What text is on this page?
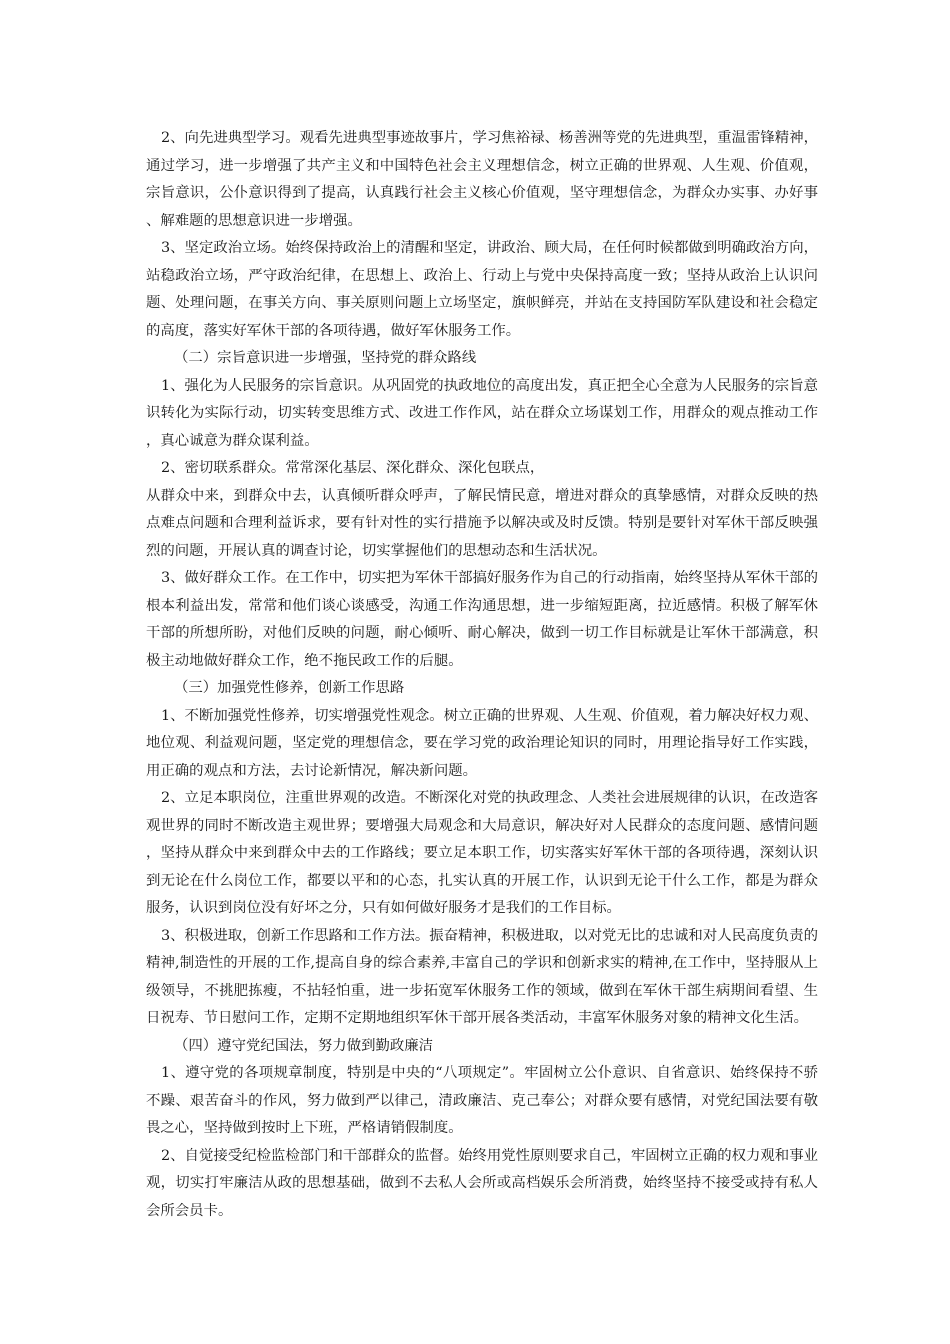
2、向先进典型学习。观看先进典型事迹故事片，学习焦裕禄、杨善洲等党的先进典型，重温雷锋精神，通过学习，进一步增强了共产主义和中国特色社会主义理想信念，树立正确的世界观、人生观、价值观，宗旨意识，公仆意识得到了提高，认真践行社会主义核心价值观，坚守理想信念，为群众办实事、办好事、解难题的思想意识进一步增强。

3、坚定政治立场。始终保持政治上的清醒和坚定，讲政治、顾大局，在任何时候都做到明确政治方向，站稳政治立场，严守政治纪律，在思想上、政治上、行动上与党中央保持高度一致；坚持从政治上认识问题、处理问题，在事关方向、事关原则问题上立场坚定，旗帜鲜亮，并站在支持国防军队建设和社会稳定的高度，落实好军休干部的各项待遇，做好军休服务工作。

（二）宗旨意识进一步增强，坚持党的群众路线

1、强化为人民服务的宗旨意识。从巩固党的执政地位的高度出发，真正把全心全意为人民服务的宗旨意识转化为实际行动，切实转变思维方式、改进工作作风，站在群众立场谋划工作，用群众的观点推动工作，真心诚意为群众谋利益。

2、密切联系群众。常常深化基层、深化群众、深化包联点，

从群众中来，到群众中去，认真倾听群众呼声，了解民情民意，增进对群众的真挚感情，对群众反映的热点难点问题和合理利益诉求，要有针对性的实行措施予以解决或及时反馈。特别是要针对军休干部反映强烈的问题，开展认真的调查讨论，切实掌握他们的思想动态和生活状况。

3、做好群众工作。在工作中，切实把为军休干部搞好服务作为自己的行动指南，始终坚持从军休干部的根本利益出发，常常和他们谈心谈感受，沟通工作沟通思想，进一步缩短距离，拉近感情。积极了解军休干部的所想所盼，对他们反映的问题，耐心倾听、耐心解决，做到一切工作目标就是让军休干部满意，积极主动地做好群众工作，绝不拖民政工作的后腿。

（三）加强党性修养，创新工作思路

1、不断加强党性修养，切实增强党性观念。树立正确的世界观、人生观、价值观，着力解决好权力观、地位观、利益观问题，坚定党的理想信念，要在学习党的政治理论知识的同时，用理论指导好工作实践，用正确的观点和方法，去讨论新情况，解决新问题。

2、立足本职岗位，注重世界观的改造。不断深化对党的执政理念、人类社会进展规律的认识，在改造客观世界的同时不断改造主观世界；要增强大局观念和大局意识，解决好对人民群众的态度问题、感情问题，坚持从群众中来到群众中去的工作路线；要立足本职工作，切实落实好军休干部的各项待遇，深刻认识到无论在什么岗位工作，都要以平和的心态，扎实认真的开展工作，认识到无论干什么工作，都是为群众服务，认识到岗位没有好坏之分，只有如何做好服务才是我们的工作目标。

3、积极进取，创新工作思路和工作方法。振奋精神，积极进取，以对党无比的忠诚和对人民高度负责的精神,制造性的开展的工作,提高自身的综合素养,丰富自己的学识和创新求实的精神,在工作中，坚持服从上级领导，不挑肥拣瘦，不拈轻怕重，进一步拓宽军休服务工作的领域，做到在军休干部生病期间看望、生日祝寿、节日慰问工作，定期不定期地组织军休干部开展各类活动，丰富军休服务对象的精神文化生活。

（四）遵守党纪国法，努力做到勤政廉洁

1、遵守党的各项规章制度，特别是中央的“八项规定”。牢固树立公仆意识、自省意识、始终保持不骄不躁、艰苦奋斗的作风，努力做到严以律己，清政廉洁、克己奉公；对群众要有感情，对党纪国法要有敬畏之心，坚持做到按时上下班，严格请销假制度。

2、自觉接受纪检监检部门和干部群众的监督。始终用党性原则要求自己，牢固树立正确的权力观和事业观，切实打牢廉洁从政的思想基础，做到不去私人会所或高档娱乐会所消费，始终坚持不接受或持有私人会所会员卡。
